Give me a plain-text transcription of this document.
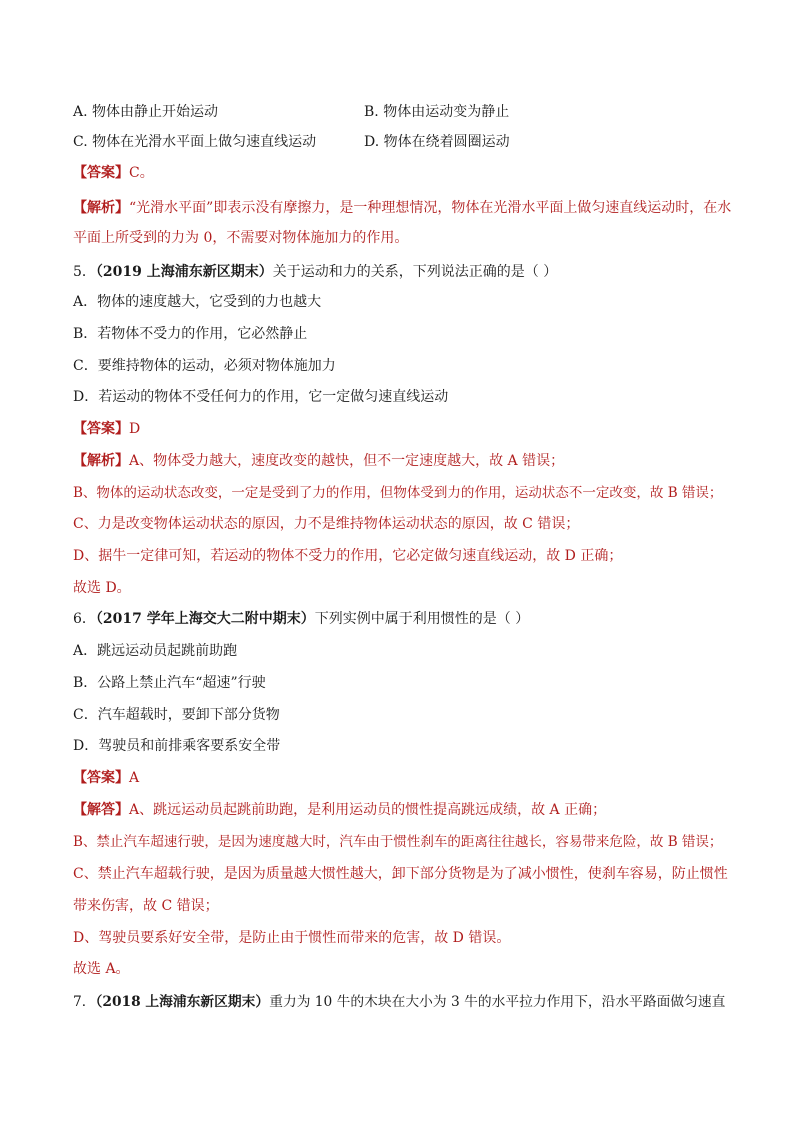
A. 物体由静止开始运动	B. 物体由运动变为静止
C. 物体在光滑水平面上做匀速直线运动	D. 物体在绕着圆圈运动
【答案】C。
【解析】“光滑水平面”即表示没有摩擦力，是一种理想情况，物体在光滑水平面上做匀速直线运动时，在水
平面上所受到的力为 0，不需要对物体施加力的作用。
5．（2019 上海浦东新区期末）关于运动和力的关系，下列说法正确的是（ ）
A．物体的速度越大，它受到的力也越大
B．若物体不受力的作用，它必然静止
C．要维持物体的运动，必须对物体施加力
D．若运动的物体不受任何力的作用，它一定做匀速直线运动
【答案】D
【解析】A、物体受力越大，速度改变的越快，但不一定速度越大，故 A 错误；
B、物体的运动状态改变，一定是受到了力的作用，但物体受到力的作用，运动状态不一定改变，故 B 错误；
C、力是改变物体运动状态的原因，力不是维持物体运动状态的原因，故 C 错误；
D、据牛一定律可知，若运动的物体不受力的作用，它必定做匀速直线运动，故 D 正确；
故选 D。
6．（2017 学年上海交大二附中期末）下列实例中属于利用惯性的是（ ）
A．跳远运动员起跳前助跑
B．公路上禁止汽车“超速”行驶
C．汽车超载时，要卸下部分货物
D．驾驶员和前排乘客要系安全带
【答案】A
【解答】A、跳远运动员起跳前助跑，是利用运动员的惯性提高跳远成绩，故 A 正确；
B、禁止汽车超速行驶，是因为速度越大时，汽车由于惯性刹车的距离往往越长，容易带来危险，故 B 错误；
C、禁止汽车超载行驶，是因为质量越大惯性越大，卸下部分货物是为了减小惯性，使刹车容易，防止惯性
带来伤害，故 C 错误；
D、驾驶员要系好安全带，是防止由于惯性而带来的危害，故 D 错误。
故选 A。
7．（2018 上海浦东新区期末）重力为 10 牛的木块在大小为 3 牛的水平拉力作用下，沿水平路面做匀速直
